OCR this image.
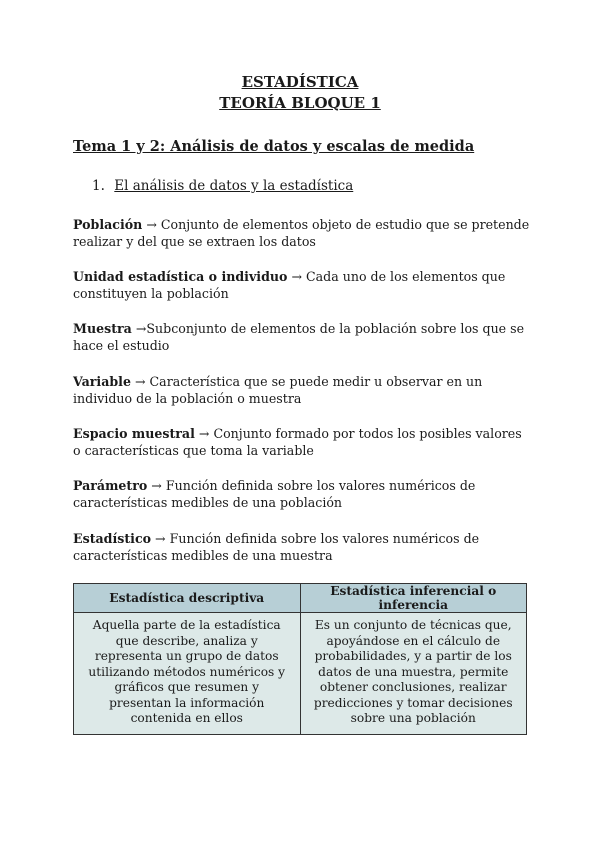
ESTADÍSTICA
TEORÍA BLOQUE 1
Tema 1 y 2: Análisis de datos y escalas de medida
1. El análisis de datos y la estadística
Población → Conjunto de elementos objeto de estudio que se pretende realizar y del que se extraen los datos
Unidad estadística o individuo → Cada uno de los elementos que constituyen la población
Muestra →Subconjunto de elementos de la población sobre los que se hace el estudio
Variable → Característica que se puede medir u observar en un individuo de la población o muestra
Espacio muestral → Conjunto formado por todos los posibles valores o características que toma la variable
Parámetro → Función definida sobre los valores numéricos de características medibles de una población
Estadístico → Función definida sobre los valores numéricos de características medibles de una muestra
Estadística descriptiva	Estadística inferencial o inferencia
Aquella parte de la estadística que describe, analiza y representa un grupo de datos utilizando métodos numéricos y gráficos que resumen y presentan la información contenida en ellos	Es un conjunto de técnicas que, apoyándose en el cálculo de probabilidades, y a partir de los datos de una muestra, permite obtener conclusiones, realizar predicciones y tomar decisiones sobre una población
